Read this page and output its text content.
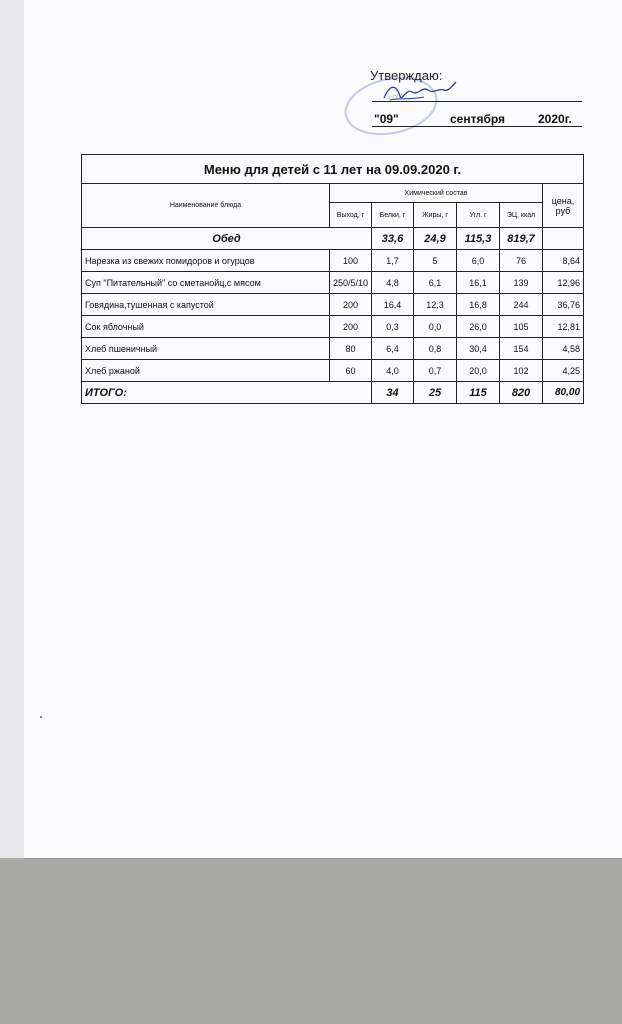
СОШ
Утверждаю:
"09"	сентября	2020г.
Меню для детей с 11 лет на 09.09.2020 г.						
Наименование блюда	Химический состав					цена, руб
	Выход, г	Белки, г	Жиры, г	Угл. г	ЭЦ, ккал	
Обед		33,6	24,9	115,3	819,7	
Нарезка из свежих помидоров и огурцов	100	1,7	5	6,0	76	8,64
Суп "Питательный" со сметанойц,с мясом	250/5/10	4,8	6,1	16,1	139	12,96
Говядина,тушенная с капустой	200	16,4	12,3	16,8	244	36,76
Сок яблочный	200	0,3	0,0	26,0	105	12,81
Хлеб пшеничный	80	6,4	0,8	30,4	154	4,58
Хлеб ржаной	60	4,0	0,7	20,0	102	4,25
ИТОГО:		34	25	115	820	80,00
